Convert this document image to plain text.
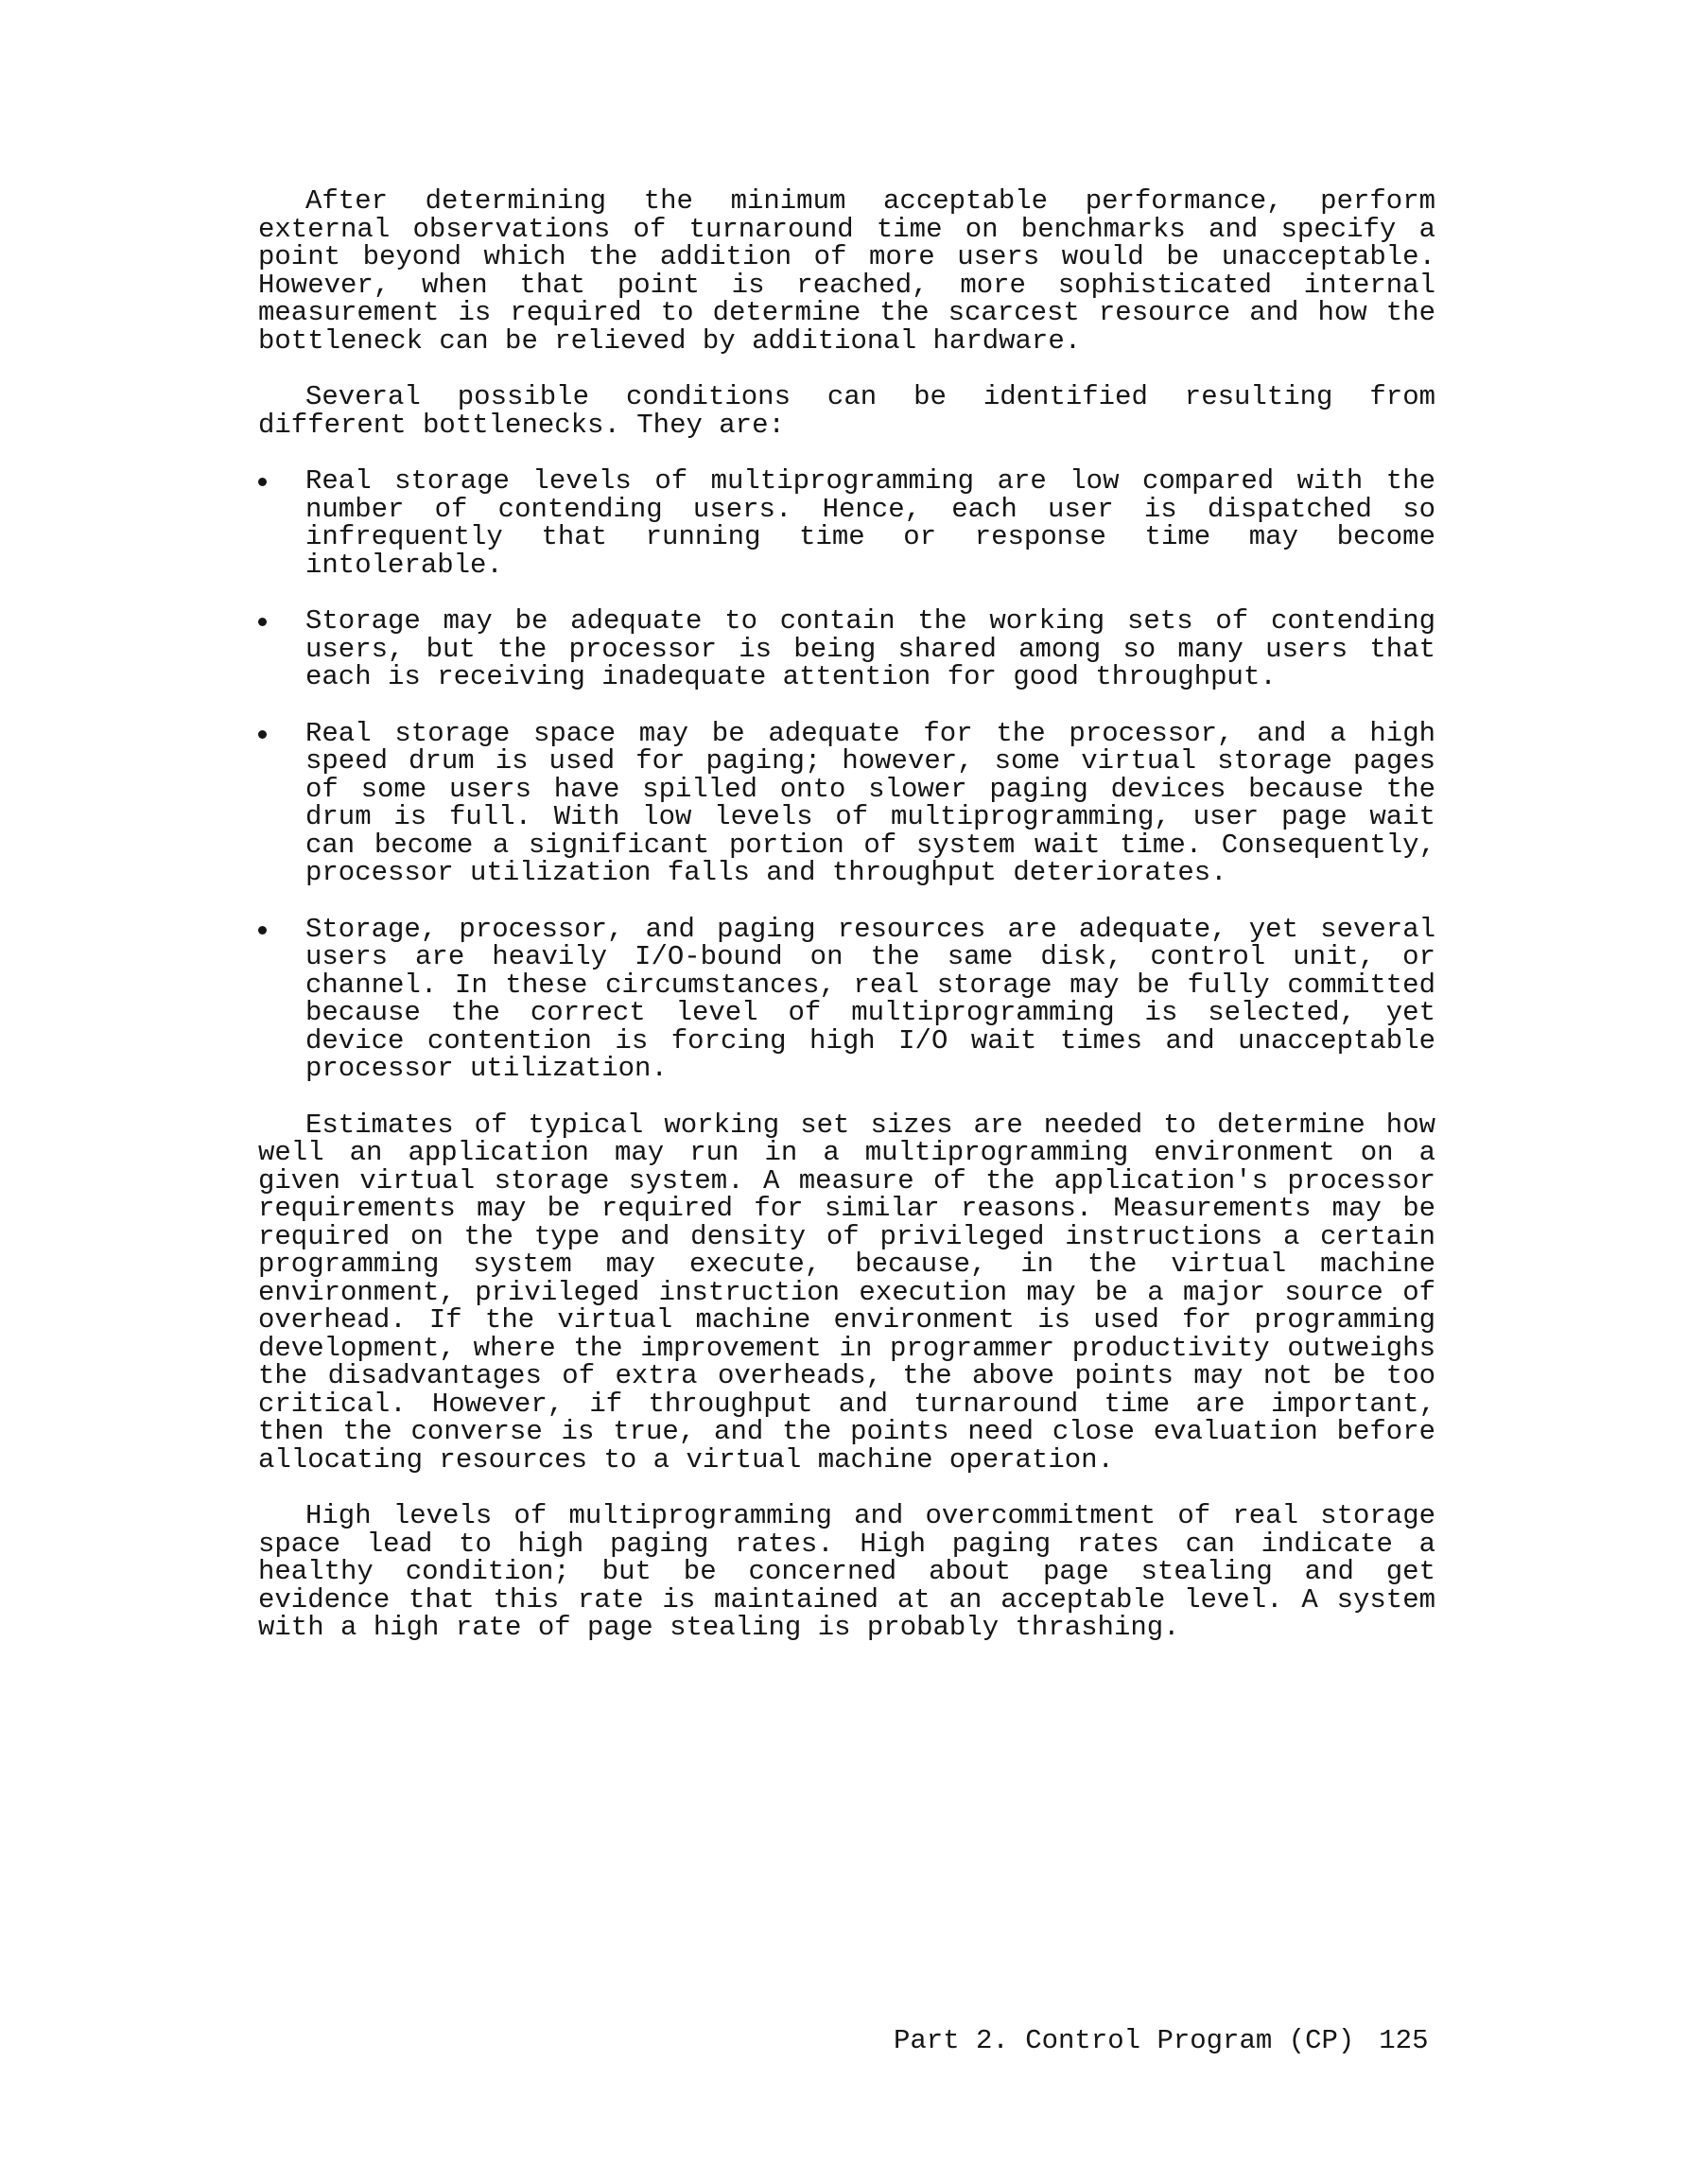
After determining the minimum acceptable performance, perform external observations of turnaround time on benchmarks and specify a point beyond which the addition of more users would be unacceptable. However, when that point is reached, more sophisticated internal measurement is required to determine the scarcest resource and how the bottleneck can be relieved by additional hardware.

Several possible conditions can be identified resulting from different bottlenecks. They are:

Real storage levels of multiprogramming are low compared with the number of contending users. Hence, each user is dispatched so infrequently that running time or response time may become intolerable.
Storage may be adequate to contain the working sets of contending users, but the processor is being shared among so many users that each is receiving inadequate attention for good throughput.
Real storage space may be adequate for the processor, and a high speed drum is used for paging; however, some virtual storage pages of some users have spilled onto slower paging devices because the drum is full. With low levels of multiprogramming, user page wait can become a significant portion of system wait time. Consequently, processor utilization falls and throughput deteriorates.
Storage, processor, and paging resources are adequate, yet several users are heavily I/O-bound on the same disk, control unit, or channel. In these circumstances, real storage may be fully committed because the correct level of multiprogramming is selected, yet device contention is forcing high I/O wait times and unacceptable processor utilization.

Estimates of typical working set sizes are needed to determine how well an application may run in a multiprogramming environment on a given virtual storage system. A measure of the application's processor requirements may be required for similar reasons. Measurements may be required on the type and density of privileged instructions a certain programming system may execute, because, in the virtual machine environment, privileged instruction execution may be a major source of overhead. If the virtual machine environment is used for programming development, where the improvement in programmer productivity outweighs the disadvantages of extra overheads, the above points may not be too critical. However, if throughput and turnaround time are important, then the converse is true, and the points need close evaluation before allocating resources to a virtual machine operation.

High levels of multiprogramming and overcommitment of real storage space lead to high paging rates. High paging rates can indicate a healthy condition; but be concerned about page stealing and get evidence that this rate is maintained at an acceptable level. A system with a high rate of page stealing is probably thrashing.

Part 2. Control Program (CP) 125
